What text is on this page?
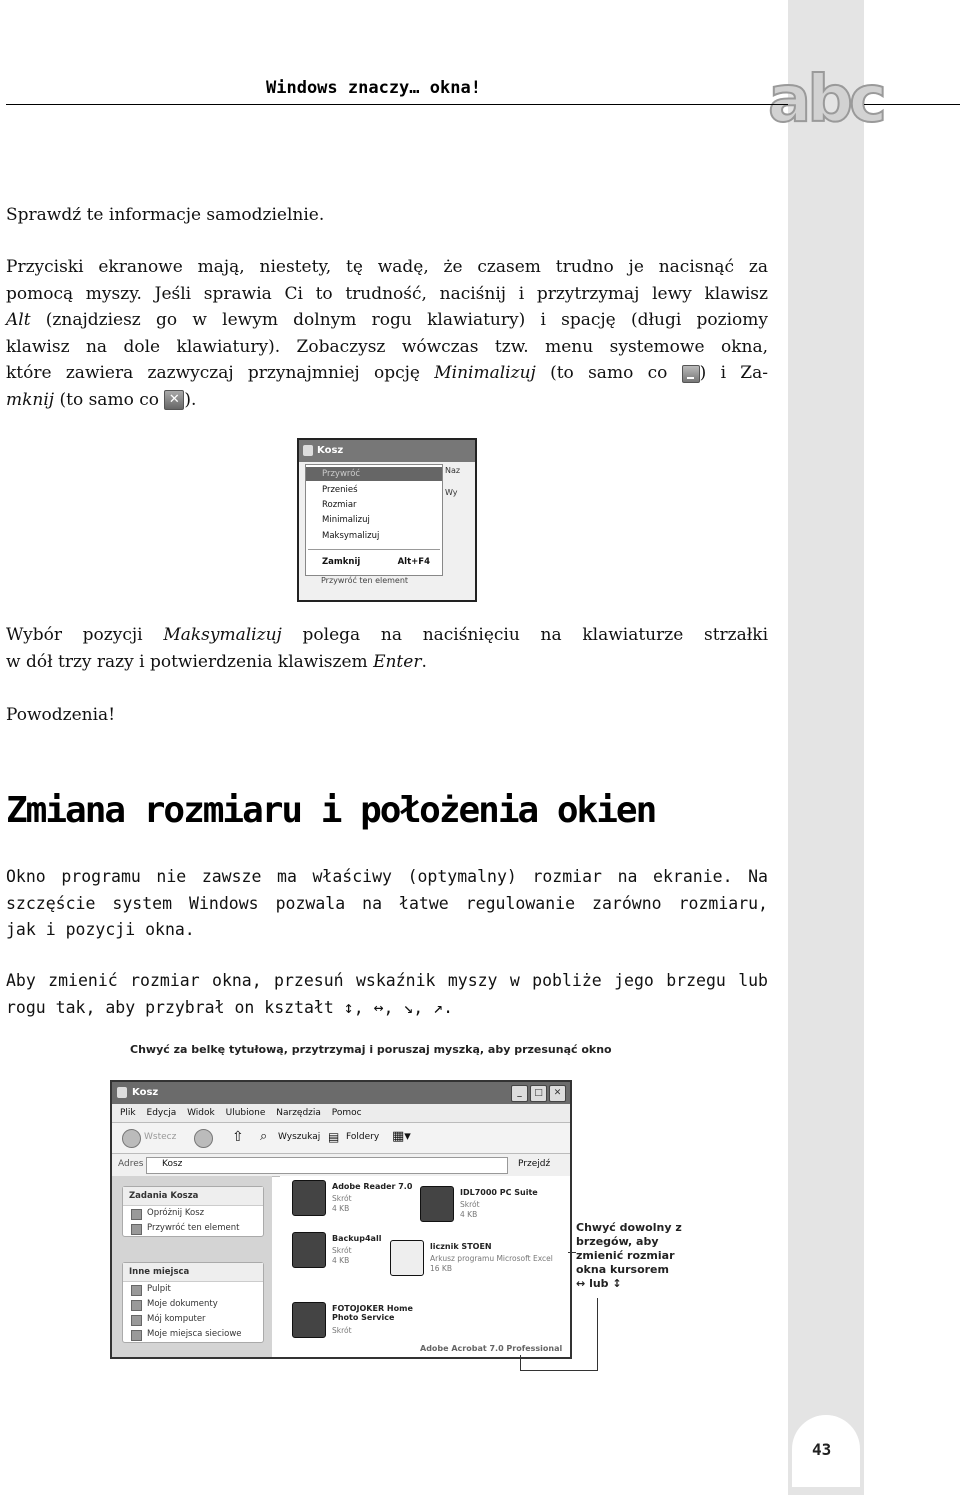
abc
Windows znaczy… okna!
Sprawdź te informacje samodzielnie.
Przyciski ekranowe mają, niestety, tę wadę, że czasem trudno je nacisnąć za
pomocą myszy. Jeśli sprawia Ci to trudność, naciśnij i przytrzymaj lewy klawisz
Alt (znajdziesz go w lewym dolnym rogu klawiatury) i spację (długi poziomy
klawisz na dole klawiatury). Zobaczysz wówczas tzw. menu systemowe okna,
które zawiera zazwyczaj przynajmniej opcję Minimalizuj (to samo co ) i Za-
mknij (to samo co ✕ ).
Kosz
Naz
Wy
Przywróć
Przenieś
Rozmiar
Minimalizuj
Maksymalizuj
Zamknij	Alt+F4
Przywróć ten element
Wybór pozycji Maksymalizuj polega na naciśnięciu na klawiaturze strzałki
w dół trzy razy i potwierdzenia klawiszem Enter.
Powodzenia!
Zmiana rozmiaru i położenia okien
Okno programu nie zawsze ma właściwy (optymalny) rozmiar na ekranie. Na
szczęście system Windows pozwala na łatwe regulowanie zarówno rozmiaru,
jak i pozycji okna.
Aby zmienić rozmiar okna, przesuń wskaźnik myszy w pobliże jego brzegu lub
rogu tak, aby przybrał on kształt ↕, ↔, ↘, ↗.
Chwyć za belkę tytułową, przytrzymaj i poruszaj myszką, aby przesunąć okno
Kosz	_	□	✕
Plik Edycja Widok Ulubione Narzędzia Pomoc
Wstecz	⇧ ⌕ Wyszukaj ▤ Foldery ▦▾
Adres Kosz	Przejdź
Zadania Kosza
Opróżnij Kosz
Przywróć ten element
Inne miejsca
Pulpit
Moje dokumenty
Mój komputer
Moje miejsca sieciowe
Adobe Reader 7.0
Skrót
4 KB
IDL7000 PC Suite
Skrót
4 KB
Backup4all
Skrót
4 KB
licznik STOEN
Arkusz programu Microsoft Excel
16 KB
FOTOJOKER Home Photo Service
Skrót
Adobe Acrobat 7.0 Professional
Chwyć dowolny z
brzegów, aby
zmienić rozmiar
okna kursorem
↔ lub ↕
43
